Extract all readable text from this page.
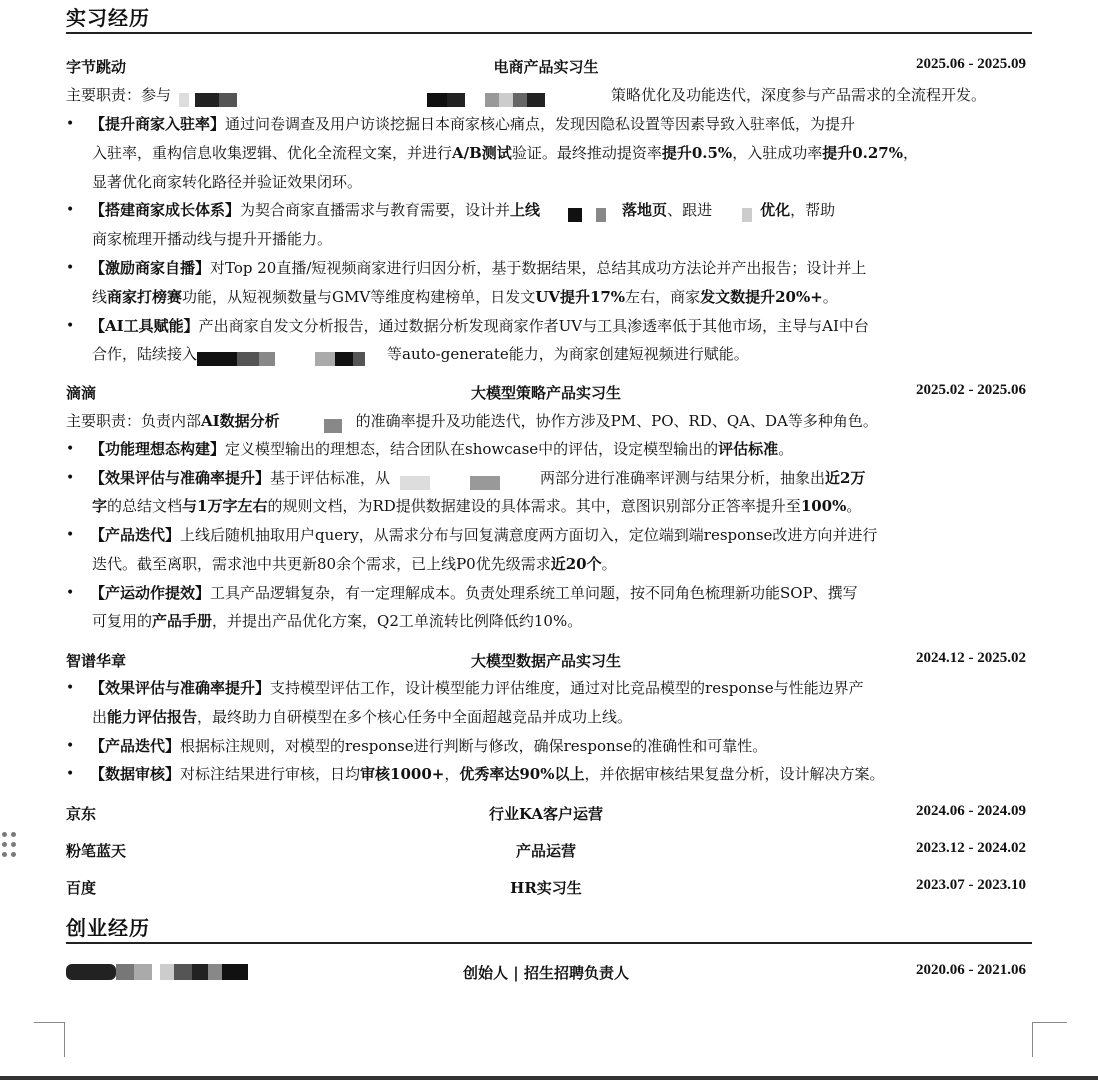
实习经历
字节跳动	电商产品实习生	2025.06 - 2025.09
主要职责：参与	策略优化及功能迭代，深度参与产品需求的全流程开发。
• 【提升商家入驻率】通过问卷调查及用户访谈挖掘日本商家核心痛点，发现因隐私设置等因素导致入驻率低，为提升
入驻率，重构信息收集逻辑、优化全流程文案，并进行A/B测试验证。最终推动提资率提升0.5%，入驻成功率提升0.27%，
显著优化商家转化路径并验证效果闭环。
• 【搭建商家成长体系】为契合商家直播需求与教育需要，设计并上线	落地页、跟进	优化，帮助
商家梳理开播动线与提升开播能力。
• 【激励商家自播】对Top 20直播/短视频商家进行归因分析，基于数据结果，总结其成功方法论并产出报告；设计并上
线商家打榜赛功能，从短视频数量与GMV等维度构建榜单，日发文UV提升17%左右，商家发文数提升20%+。
• 【AI工具赋能】产出商家自发文分析报告，通过数据分析发现商家作者UV与工具渗透率低于其他市场，主导与AI中台
合作，陆续接入	等auto-generate能力，为商家创建短视频进行赋能。
滴滴	大模型策略产品实习生	2025.02 - 2025.06
主要职责：负责内部AI数据分析	的准确率提升及功能迭代，协作方涉及PM、PO、RD、QA、DA等多种角色。
• 【功能理想态构建】定义模型输出的理想态，结合团队在showcase中的评估，设定模型输出的评估标准。
• 【效果评估与准确率提升】基于评估标准，从	两部分进行准确率评测与结果分析，抽象出近2万
字的总结文档与1万字左右的规则文档，为RD提供数据建设的具体需求。其中，意图识别部分正答率提升至100%。
• 【产品迭代】上线后随机抽取用户query，从需求分布与回复满意度两方面切入，定位端到端response改进方向并进行
迭代。截至离职，需求池中共更新80余个需求，已上线P0优先级需求近20个。
• 【产运动作提效】工具产品逻辑复杂，有一定理解成本。负责处理系统工单问题，按不同角色梳理新功能SOP、撰写
可复用的产品手册，并提出产品优化方案，Q2工单流转比例降低约10%。
智谱华章	大模型数据产品实习生	2024.12 - 2025.02
• 【效果评估与准确率提升】支持模型评估工作，设计模型能力评估维度，通过对比竞品模型的response与性能边界产
出能力评估报告，最终助力自研模型在多个核心任务中全面超越竞品并成功上线。
• 【产品迭代】根据标注规则，对模型的response进行判断与修改，确保response的准确性和可靠性。
• 【数据审核】对标注结果进行审核，日均审核1000+，优秀率达90%以上，并依据审核结果复盘分析，设计解决方案。
京东	行业KA客户运营	2024.06 - 2024.09
粉笔蓝天	产品运营	2023.12 - 2024.02
百度	HR实习生	2023.07 - 2023.10
创业经历
创始人 | 招生招聘负责人	2020.06 - 2021.06
